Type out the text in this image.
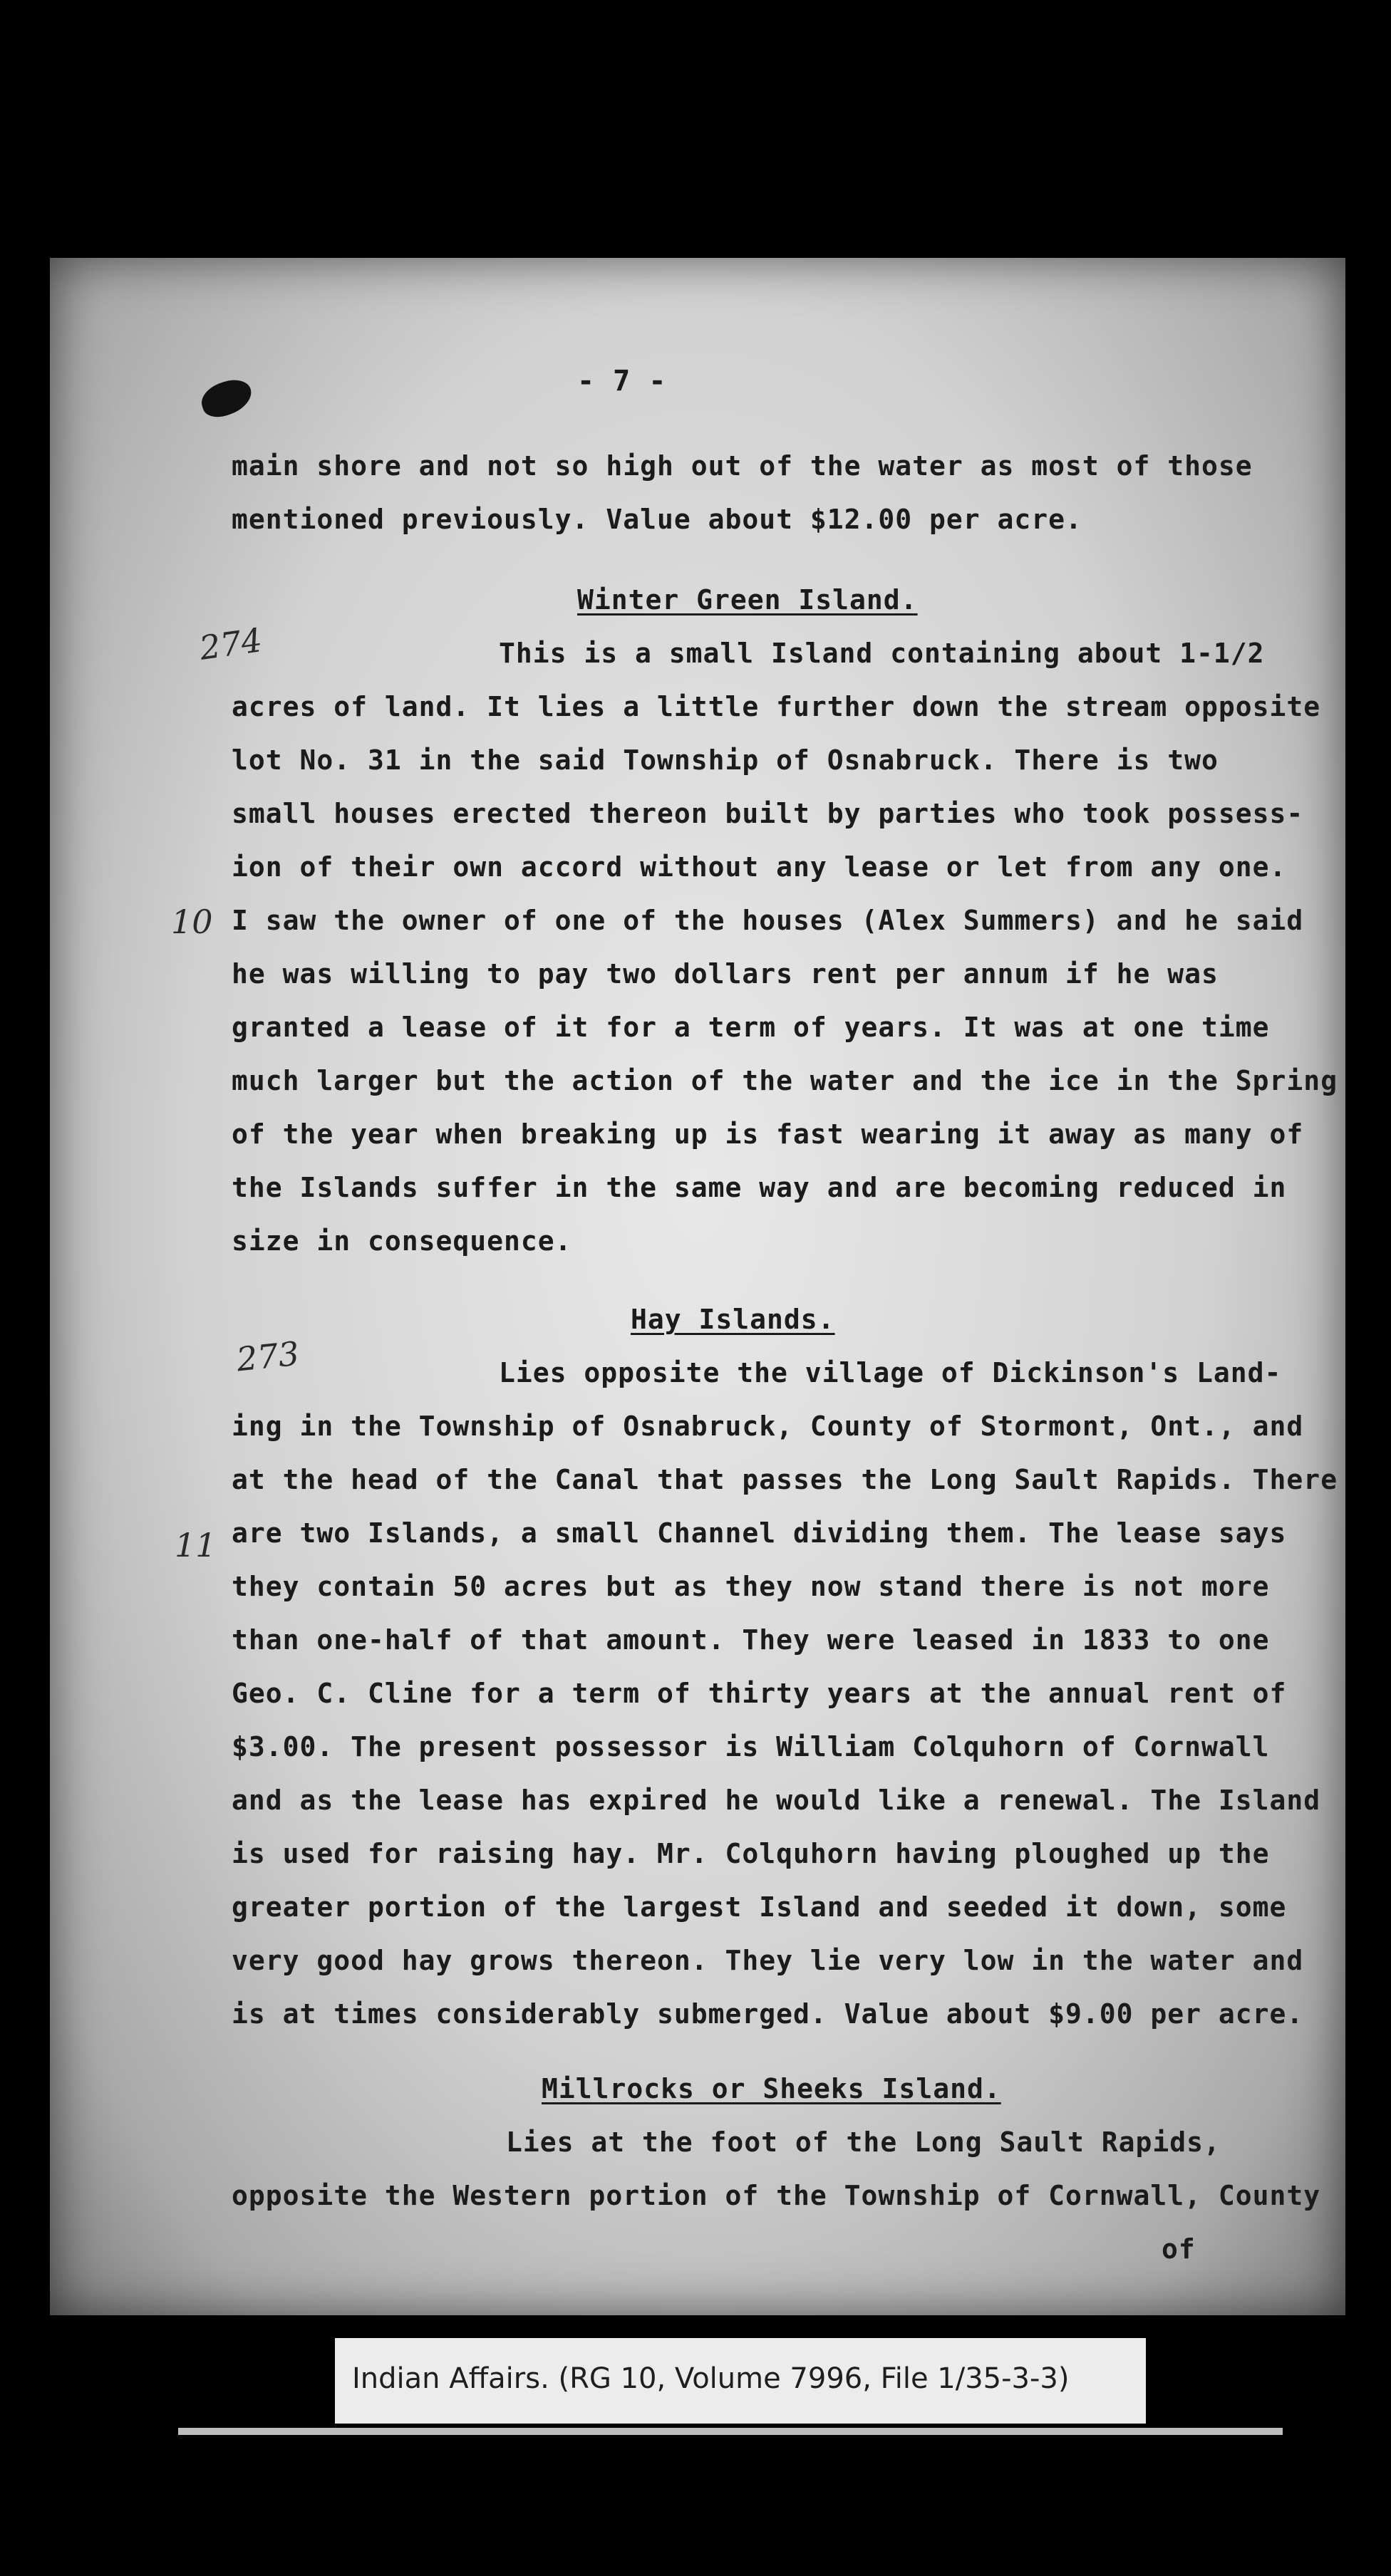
- 7 -
main shore and not so high out of the water as most of those
mentioned previously. Value about $12.00 per acre.
Winter Green Island.
This is a small Island containing about 1-1/2
acres of land. It lies a little further down the stream opposite
lot No. 31 in the said Township of Osnabruck. There is two
small houses erected thereon built by parties who took possess-
ion of their own accord without any lease or let from any one.
I saw the owner of one of the houses (Alex Summers) and he said
he was willing to pay two dollars rent per annum if he was
granted a lease of it for a term of years. It was at one time
much larger but the action of the water and the ice in the Spring
of the year when breaking up is fast wearing it away as many of
the Islands suffer in the same way and are becoming reduced in
size in consequence.
Hay Islands.
Lies opposite the village of Dickinson's Land-
ing in the Township of Osnabruck, County of Stormont, Ont., and
at the head of the Canal that passes the Long Sault Rapids. There
are two Islands, a small Channel dividing them. The lease says
they contain 50 acres but as they now stand there is not more
than one-half of that amount. They were leased in 1833 to one
Geo. C. Cline for a term of thirty years at the annual rent of
$3.00. The present possessor is William Colquhorn of Cornwall
and as the lease has expired he would like a renewal. The Island
is used for raising hay. Mr. Colquhorn having ploughed up the
greater portion of the largest Island and seeded it down, some
very good hay grows thereon. They lie very low in the water and
is at times considerably submerged. Value about $9.00 per acre.
Millrocks or Sheeks Island.
Lies at the foot of the Long Sault Rapids,
opposite the Western portion of the Township of Cornwall, County
of
274
10
273
11
Indian Affairs. (RG 10, Volume 7996, File 1/35-3-3)
